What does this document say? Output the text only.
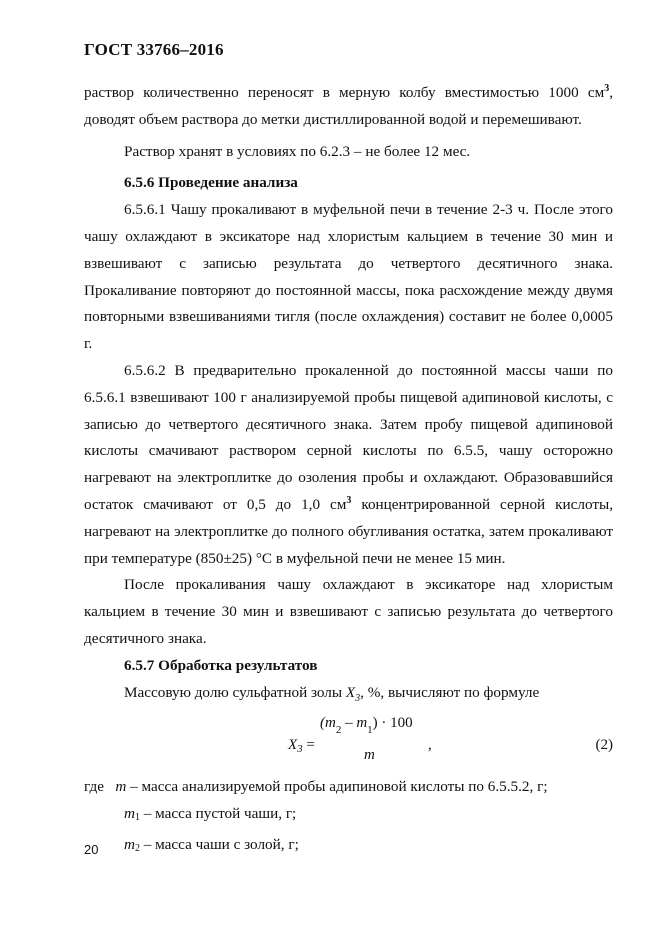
ГОСТ 33766–2016

раствор количественно переносят в мерную колбу вместимостью 1000 $см^3$, доводят объем раствора до метки дистиллированной водой и перемешивают.

Раствор хранят в условиях по 6.2.3 – не более 12 мес.

6.5.6 Проведение анализа

6.5.6.1 Чашу прокаливают в муфельной печи в течение 2-3 ч. После этого чашу охлаждают в эксикаторе над хлористым кальцием в течение 30 мин и взвешивают с записью результата до четвертого десятичного знака. Прокаливание повторяют до постоянной массы, пока расхождение между двумя повторными взвешиваниями тигля (после охлаждения) составит не более 0,0005 г.

6.5.6.2 В предварительно прокаленной до постоянной массы чаши по 6.5.6.1 взвешивают 100 г анализируемой пробы пищевой адипиновой кислоты, с записью до четвертого десятичного знака. Затем пробу пищевой адипиновой кислоты смачивают раствором серной кислоты по 6.5.5, чашу осторожно нагревают на электроплитке до озоления пробы и охлаждают. Образовавшийся остаток смачивают от 0,5 до 1,0 $см^3$ концентрированной серной кислоты, нагревают на электроплитке до полного обугливания остатка, затем прокаливают при температуре (850±25) °С в муфельной печи не менее 15 мин.

После прокаливания чашу охлаждают в эксикаторе над хлористым кальцием в течение 30 мин и взвешивают с записью результата до четвертого десятичного знака.

6.5.7 Обработка результатов

Массовую долю сульфатной золы $X_3$, %, вычисляют по формуле

$X_3$ =
$(m_2 - m_1) \cdot 100$
m
,	(2)

где m – масса анализируемой пробы адипиновой кислоты по 6.5.5.2, г;

$m_1$ – масса пустой чаши, г;

$m_2$ – масса чаши с золой, г;

20
